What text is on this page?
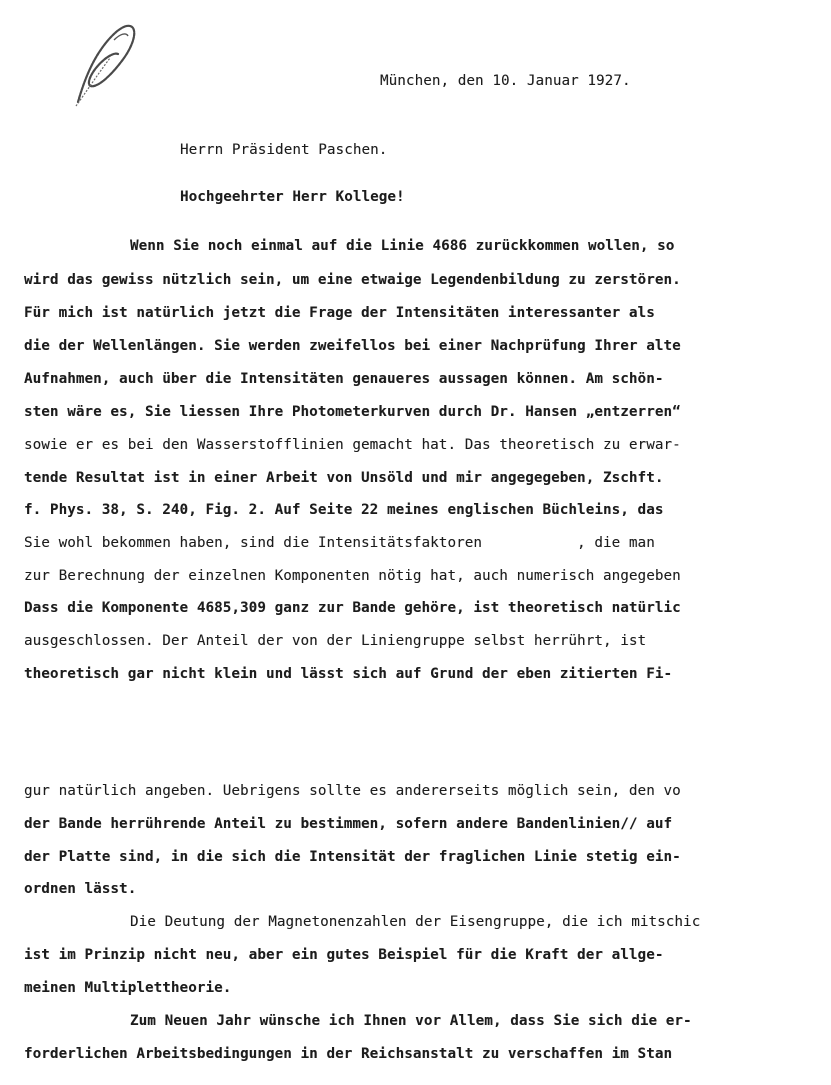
München, den 10. Januar 1927.
Herrn Präsident Paschen.
Hochgeehrter Herr Kollege!
Wenn Sie noch einmal auf die Linie 4686 zurückkommen wollen, so
wird das gewiss nützlich sein, um eine etwaige Legendenbildung zu zerstören.
Für mich ist natürlich jetzt die Frage der Intensitäten interessanter als
die der Wellenlängen. Sie werden zweifellos bei einer Nachprüfung Ihrer alte
Aufnahmen, auch über die Intensitäten genaueres aussagen können. Am schön-
sten wäre es, Sie liessen Ihre Photometerkurven durch Dr. Hansen „entzerren“
sowie er es bei den Wasserstofflinien gemacht hat. Das theoretisch zu erwar-
tende Resultat ist in einer Arbeit von Unsöld und mir angegegeben, Zschft.
f. Phys. 38, S. 240, Fig. 2. Auf Seite 22 meines englischen Büchleins, das
Sie wohl bekommen haben, sind die Intensitätsfaktoren           , die man
zur Berechnung der einzelnen Komponenten nötig hat, auch numerisch angegeben
Dass die Komponente 4685,309 ganz zur Bande gehöre, ist theoretisch natürlic
ausgeschlossen. Der Anteil der von der Liniengruppe selbst herrührt, ist
theoretisch gar nicht klein und lässt sich auf Grund der eben zitierten Fi-
gur natürlich angeben. Uebrigens sollte es andererseits möglich sein, den vo
der Bande herrührende Anteil zu bestimmen, sofern andere Bandenlinien// auf
der Platte sind, in die sich die Intensität der fraglichen Linie stetig ein-
ordnen lässt.
Die Deutung der Magnetonenzahlen der Eisengruppe, die ich mitschic
ist im Prinzip nicht neu, aber ein gutes Beispiel für die Kraft der allge-
meinen Multiplettheorie.
Zum Neuen Jahr wünsche ich Ihnen vor Allem, dass Sie sich die er-
forderlichen Arbeitsbedingungen in der Reichsanstalt zu verschaffen im Stan
